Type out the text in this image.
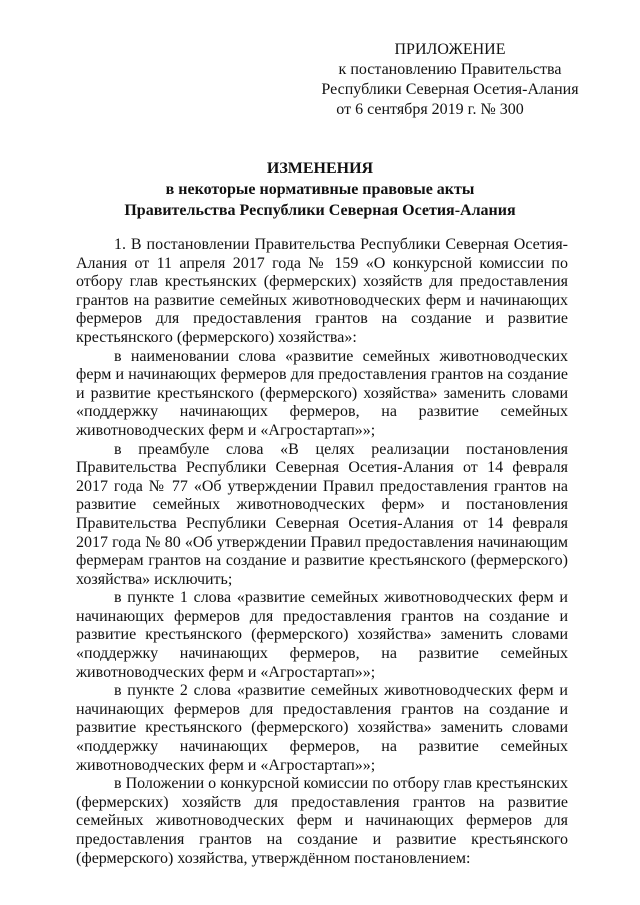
ПРИЛОЖЕНИЕ
к постановлению Правительства
Республики Северная Осетия-Алания
от 6 сентября 2019 г. № 300
ИЗМЕНЕНИЯ
в некоторые нормативные правовые акты
Правительства Республики Северная Осетия-Алания

1. В постановлении Правительства Республики Северная Осетия-Алания от 11 апреля 2017 года № 159 «О конкурсной комиссии по отбору глав крестьянских (фермерских) хозяйств для предоставления грантов на развитие семейных животноводческих ферм и начинающих фермеров для предоставления грантов на создание и развитие крестьянского (фермерского) хозяйства»:

в наименовании слова «развитие семейных животноводческих ферм и начинающих фермеров для предоставления грантов на создание и развитие крестьянского (фермерского) хозяйства» заменить словами «поддержку начинающих фермеров, на развитие семейных животноводческих ферм и «Агростартап»»;

в преамбуле слова «В целях реализации постановления Правительства Республики Северная Осетия-Алания от 14 февраля 2017 года № 77 «Об утверждении Правил предоставления грантов на развитие семейных животноводческих ферм» и постановления Правительства Республики Северная Осетия-Алания от 14 февраля 2017 года № 80 «Об утверждении Правил предоставления начинающим фермерам грантов на создание и развитие крестьянского (фермерского) хозяйства» исключить;

в пункте 1 слова «развитие семейных животноводческих ферм и начинающих фермеров для предоставления грантов на создание и развитие крестьянского (фермерского) хозяйства» заменить словами «поддержку начинающих фермеров, на развитие семейных животноводческих ферм и «Агростартап»»;

в пункте 2 слова «развитие семейных животноводческих ферм и начинающих фермеров для предоставления грантов на создание и развитие крестьянского (фермерского) хозяйства» заменить словами «поддержку начинающих фермеров, на развитие семейных животноводческих ферм и «Агростартап»»;

в Положении о конкурсной комиссии по отбору глав крестьянских (фермерских) хозяйств для предоставления грантов на развитие семейных животноводческих ферм и начинающих фермеров для предоставления грантов на создание и развитие крестьянского (фермерского) хозяйства, утверждённом постановлением:
